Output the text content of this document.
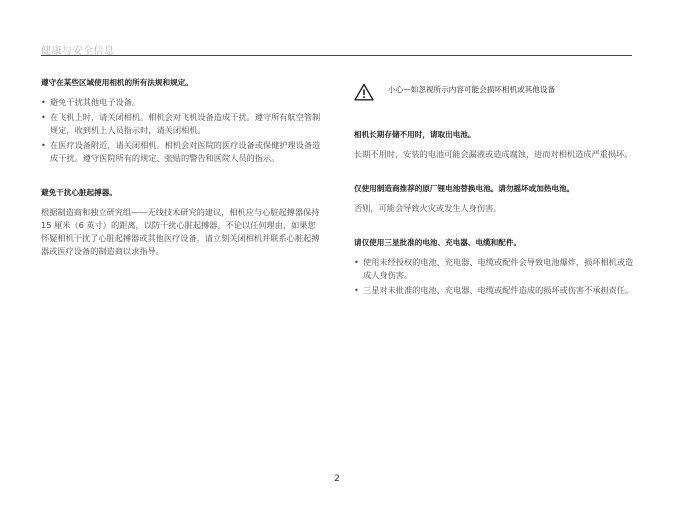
健康与安全信息

遵守在某些区域使用相机的所有法规和规定。

• 避免干扰其他电子设备。
• 在飞机上时，请关闭相机。相机会对飞机设备造成干扰。遵守所有航空管制规定，收到机上人员指示时，请关闭相机。
• 在医疗设备附近，请关闭相机。相机会对医院的医疗设备或保健护理设备造成干扰。遵守医院所有的规定、张贴的警告和医院人员的指示。

避免干扰心脏起搏器。

根据制造商和独立研究组——无线技术研究的建议，相机应与心脏起搏器保持 15 厘米（6 英寸）的距离，以防干扰心脏起搏器。不论以任何理由，如果您怀疑相机干扰了心脏起搏器或其他医疗设备，请立刻关闭相机并联系心脏起搏器或医疗设备的制造商以求指导。

小心—如忽视所示内容可能会损坏相机或其他设备

相机长期存储不用时，请取出电池。

长期不用时，安装的电池可能会漏液或造成腐蚀，进而对相机造成严重损坏。

仅使用制造商推荐的原厂锂电池替换电池。请勿摇坏或加热电池。

否则，可能会导致火灾或发生人身伤害。

请仅使用三星批准的电池、充电器、电缆和配件。

• 使用未经授权的电池、充电器、电缆或配件会导致电池爆炸，损坏相机或造成人身伤害。
• 三星对未批准的电池、充电器、电缆或配件造成的损坏或伤害不承担责任。
2
